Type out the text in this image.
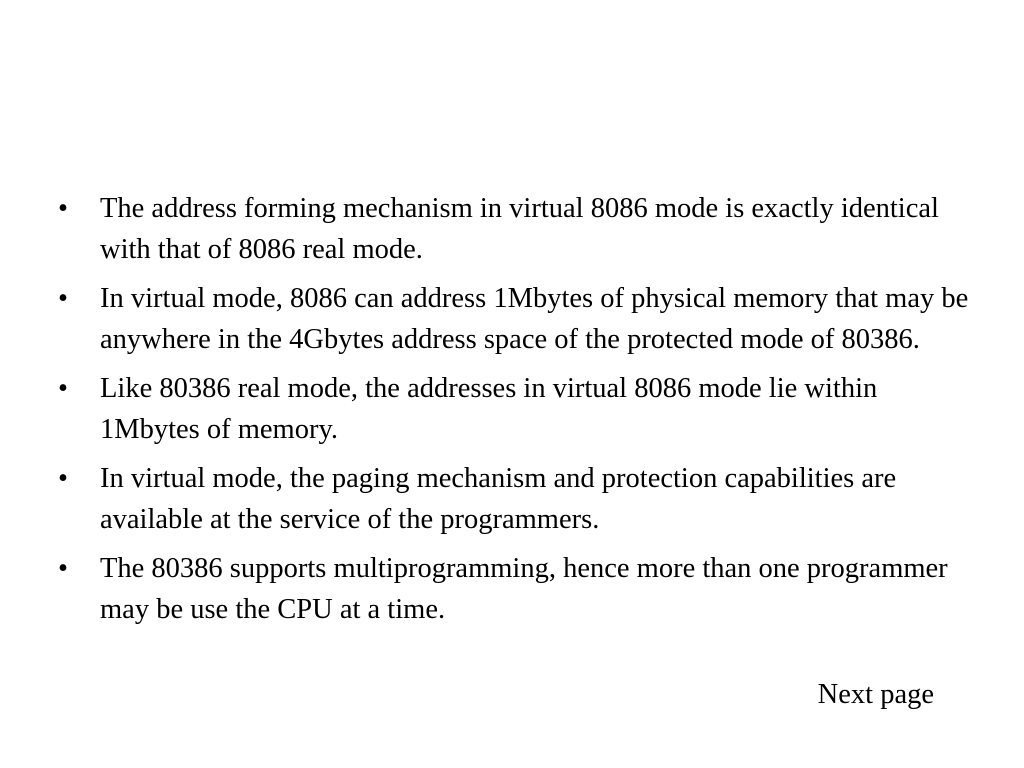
•	The address forming mechanism in virtual 8086 mode is exactly identical with that of 8086 real mode.
•	In virtual mode, 8086 can address 1Mbytes of physical memory that may be anywhere in the 4Gbytes address space of the protected mode of 80386.
•	Like 80386 real mode, the addresses in virtual 8086 mode lie within 1Mbytes of memory.
•	In virtual mode, the paging mechanism and protection capabilities are available at the service of the programmers.
•	The 80386 supports multiprogramming, hence more than one programmer may be use the CPU at a time.
Next page
